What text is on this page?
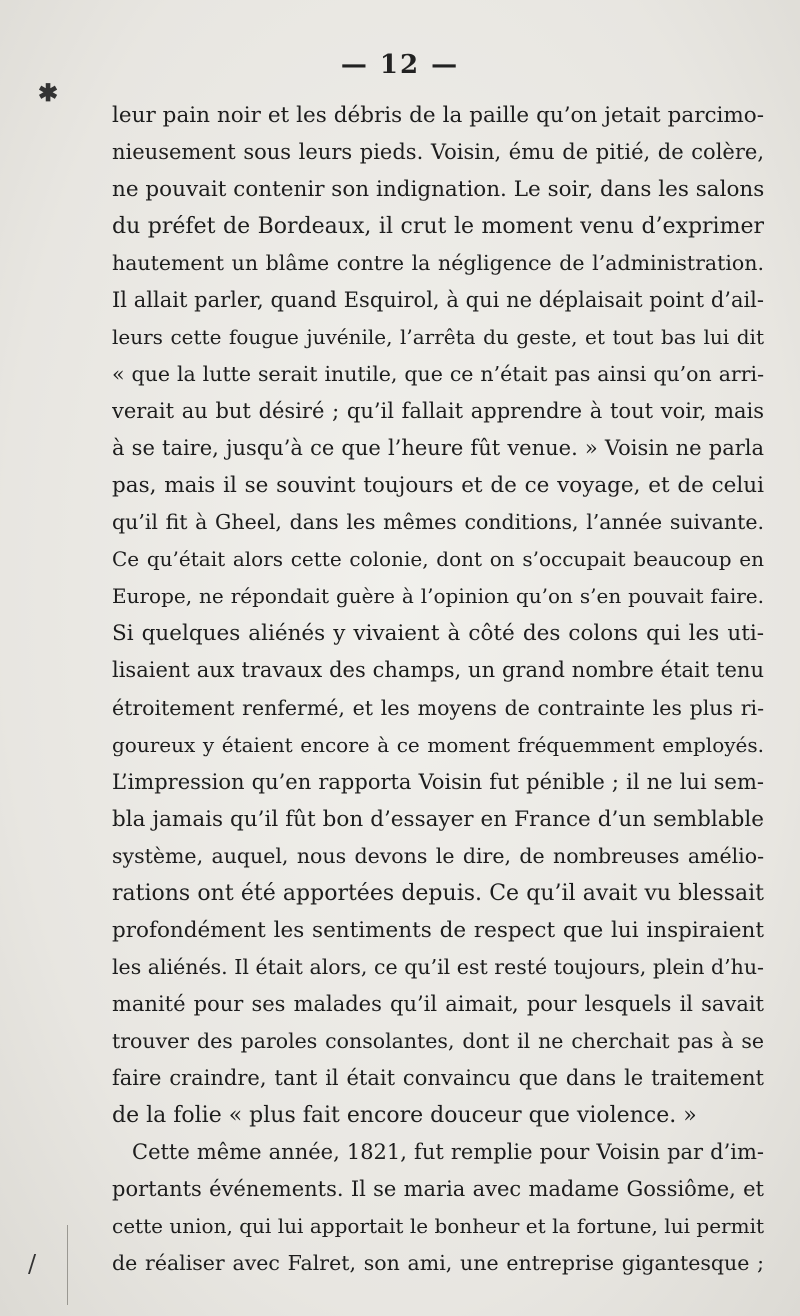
✱
— 12 —
leur pain noir et les débris de la paille qu’on jetait parcimo-
nieusement sous leurs pieds. Voisin, ému de pitié, de colère,
ne pouvait contenir son indignation. Le soir, dans les salons
du préfet de Bordeaux, il crut le moment venu d’exprimer
hautement un blâme contre la négligence de l’administration.
Il allait parler, quand Esquirol, à qui ne déplaisait point d’ail-
leurs cette fougue juvénile, l’arrêta du geste, et tout bas lui dit
« que la lutte serait inutile, que ce n’était pas ainsi qu’on arri-
verait au but désiré ; qu’il fallait apprendre à tout voir, mais
à se taire, jusqu’à ce que l’heure fût venue. » Voisin ne parla
pas, mais il se souvint toujours et de ce voyage, et de celui
qu’il fit à Gheel, dans les mêmes conditions, l’année suivante.
Ce qu’était alors cette colonie, dont on s’occupait beaucoup en
Europe, ne répondait guère à l’opinion qu’on s’en pouvait faire.
Si quelques aliénés y vivaient à côté des colons qui les uti-
lisaient aux travaux des champs, un grand nombre était tenu
étroitement renfermé, et les moyens de contrainte les plus ri-
goureux y étaient encore à ce moment fréquemment employés.
L’impression qu’en rapporta Voisin fut pénible ; il ne lui sem-
bla jamais qu’il fût bon d’essayer en France d’un semblable
système, auquel, nous devons le dire, de nombreuses amélio-
rations ont été apportées depuis. Ce qu’il avait vu blessait
profondément les sentiments de respect que lui inspiraient
les aliénés. Il était alors, ce qu’il est resté toujours, plein d’hu-
manité pour ses malades qu’il aimait, pour lesquels il savait
trouver des paroles consolantes, dont il ne cherchait pas à se
faire craindre, tant il était convaincu que dans le traitement
de la folie « plus fait encore douceur que violence. »
Cette même année, 1821, fut remplie pour Voisin par d’im-
portants événements. Il se maria avec madame Gossiôme, et
cette union, qui lui apportait le bonheur et la fortune, lui permit
de réaliser avec Falret, son ami, une entreprise gigantesque ;
/
